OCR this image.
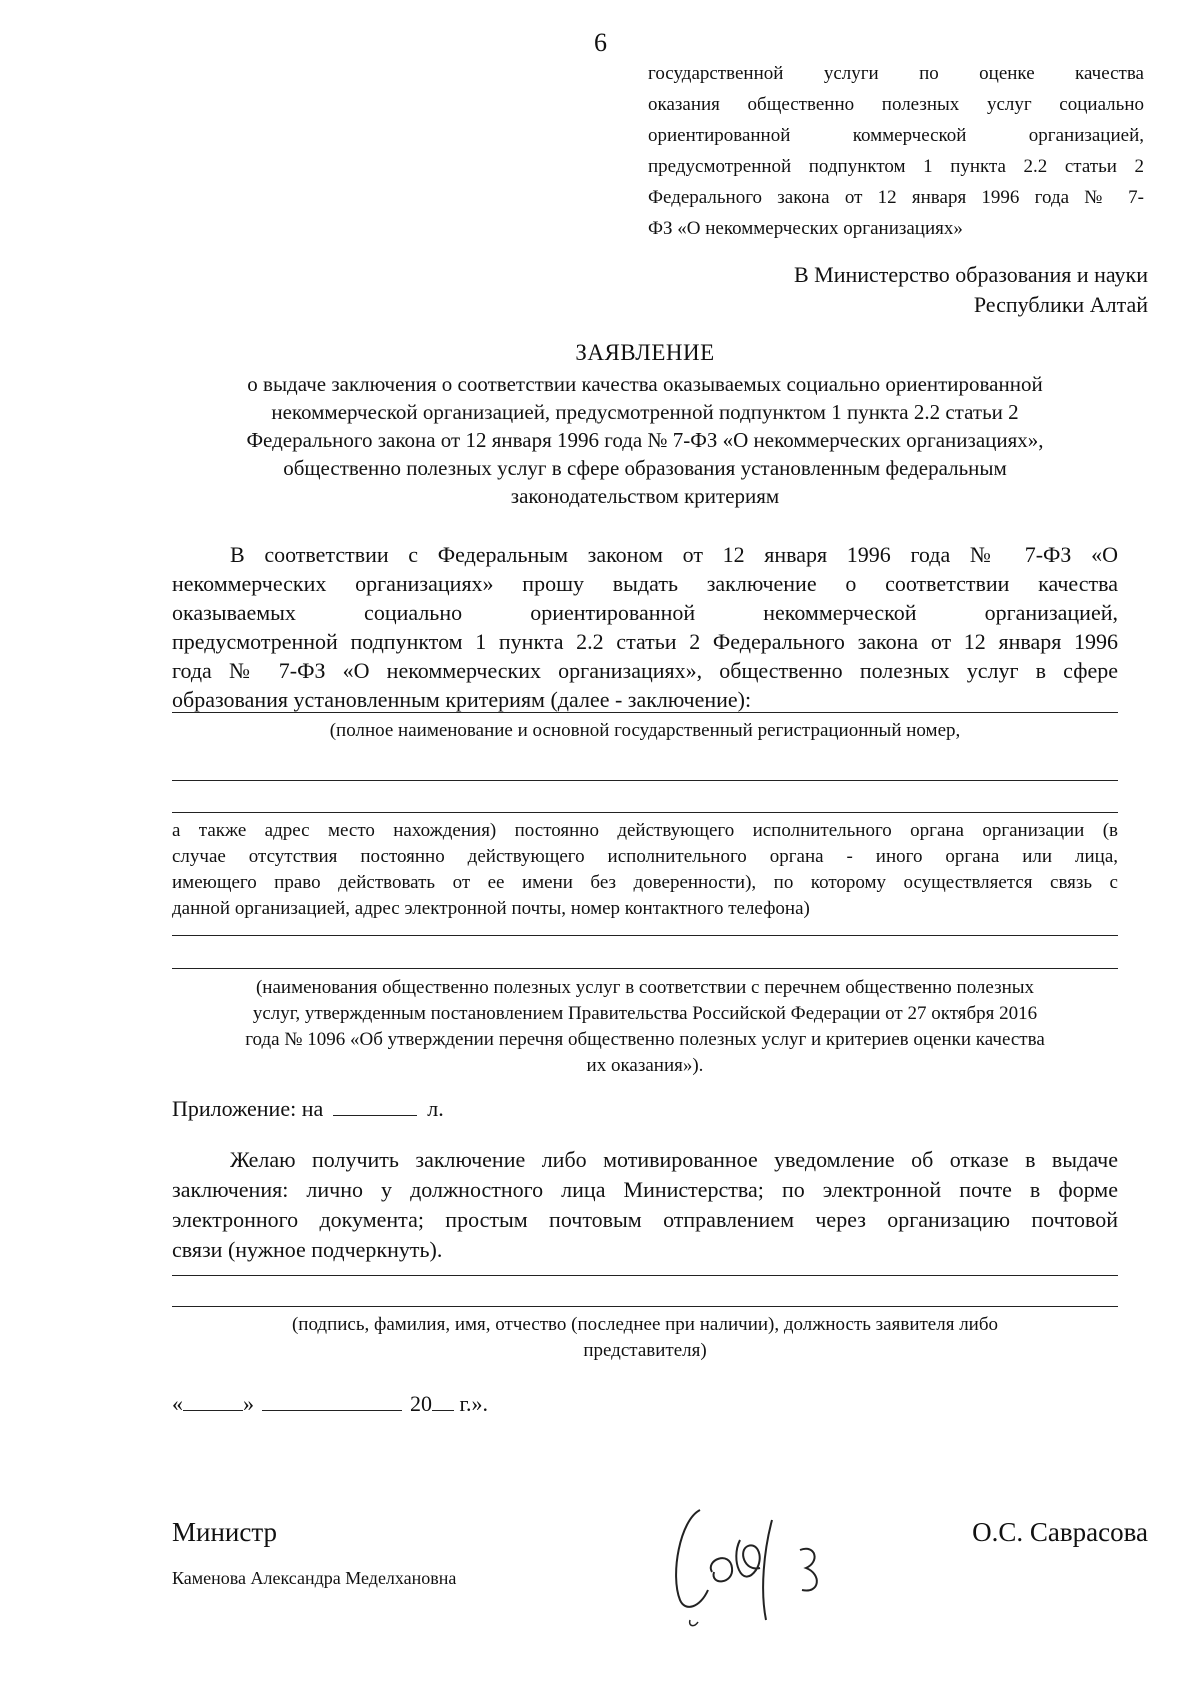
6
государственной услуги по оценке качества
оказания общественно полезных услуг социально
ориентированной коммерческой организацией,
предусмотренной подпунктом 1 пункта 2.2 статьи 2
Федерального закона от 12 января 1996 года № 7-
ФЗ «О некоммерческих организациях»
В Министерство образования и науки
Республики Алтай
ЗАЯВЛЕНИЕ
о выдаче заключения о соответствии качества оказываемых социально ориентированной
некоммерческой организацией, предусмотренной подпунктом 1 пункта 2.2 статьи 2
Федерального закона от 12 января 1996 года № 7-ФЗ «О некоммерческих организациях»,
общественно полезных услуг в сфере образования установленным федеральным
законодательством критериям
В соответствии с Федеральным законом от 12 января 1996 года № 7-ФЗ «О
некоммерческих организациях» прошу выдать заключение о соответствии качества
оказываемых социально ориентированной некоммерческой организацией,
предусмотренной подпунктом 1 пункта 2.2 статьи 2 Федерального закона от 12 января 1996
года № 7-ФЗ «О некоммерческих организациях», общественно полезных услуг в сфере
образования установленным критериям (далее - заключение):
(полное наименование и основной государственный регистрационный номер,
а также адрес место нахождения) постоянно действующего исполнительного органа организации (в
случае отсутствия постоянно действующего исполнительного органа - иного органа или лица,
имеющего право действовать от ее имени без доверенности), по которому осуществляется связь с
данной организацией, адрес электронной почты, номер контактного телефона)
(наименования общественно полезных услуг в соответствии с перечнем общественно полезных
услуг, утвержденным постановлением Правительства Российской Федерации от 27 октября 2016
года № 1096 «Об утверждении перечня общественно полезных услуг и критериев оценки качества
их оказания»).
Приложение: на	л.
Желаю получить заключение либо мотивированное уведомление об отказе в выдаче
заключения: лично у должностного лица Министерства; по электронной почте в форме
электронного документа; простым почтовым отправлением через организацию почтовой
связи (нужное подчеркнуть).
(подпись, фамилия, имя, отчество (последнее при наличии), должность заявителя либо
представителя)
«	»	20 г.».
Министр	О.С. Саврасова
Каменова Александра Меделхановна
